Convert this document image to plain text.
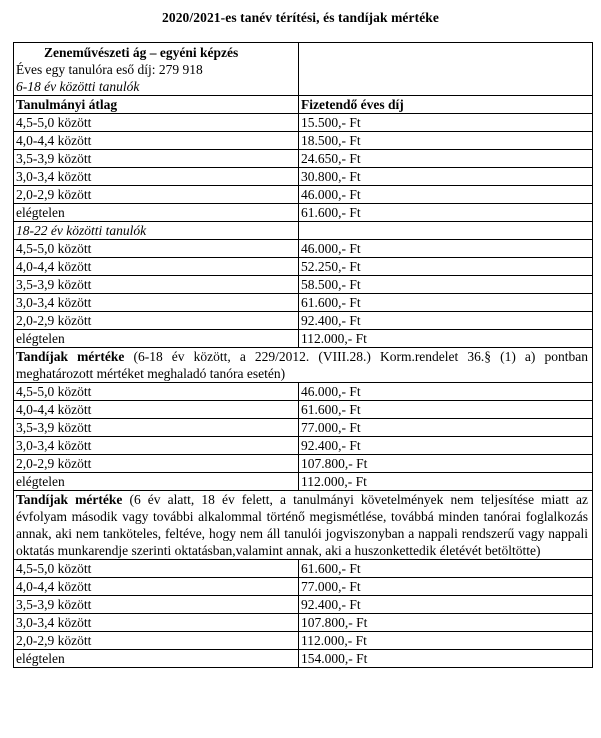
2020/2021-es tanév térítési, és tandíjak mértéke
Zeneművészeti ág – egyéni képzés
Éves egy tanulóra eső díj: 279 918
6-18 év közötti tanulók	

Tanulmányi átlag	Fizetendő éves díj
4,5-5,0 között	15.500,- Ft
4,0-4,4 között	18.500,- Ft
3,5-3,9 között	24.650,- Ft
3,0-3,4 között	30.800,- Ft
2,0-2,9 között	46.000,- Ft
elégtelen	61.600,- Ft
18-22 év közötti tanulók	
4,5-5,0 között	46.000,- Ft
4,0-4,4 között	52.250,- Ft
3,5-3,9 között	58.500,- Ft
3,0-3,4 között	61.600,- Ft
2,0-2,9 között	92.400,- Ft
elégtelen	112.000,- Ft
Tandíjak mértéke (6-18 év között, a 229/2012. (VIII.28.) Korm.rendelet 36.§ (1) a) pontban meghatározott mértéket meghaladó tanóra esetén)	
4,5-5,0 között	46.000,- Ft
4,0-4,4 között	61.600,- Ft
3,5-3,9 között	77.000,- Ft
3,0-3,4 között	92.400,- Ft
2,0-2,9 között	107.800,- Ft
elégtelen	112.000,- Ft
Tandíjak mértéke (6 év alatt, 18 év felett, a tanulmányi követelmények nem teljesítése miatt az évfolyam második vagy további alkalommal történő megismétlése, továbbá minden tanórai foglalkozás annak, aki nem tanköteles, feltéve, hogy nem áll tanulói jogviszonyban a nappali rendszerű vagy nappali oktatás munkarendje szerinti oktatásban,valamint annak, aki a huszonkettedik életévét betöltötte)	
4,5-5,0 között	61.600,- Ft
4,0-4,4 között	77.000,- Ft
3,5-3,9 között	92.400,- Ft
3,0-3,4 között	107.800,- Ft
2,0-2,9 között	112.000,- Ft
elégtelen	154.000,- Ft
